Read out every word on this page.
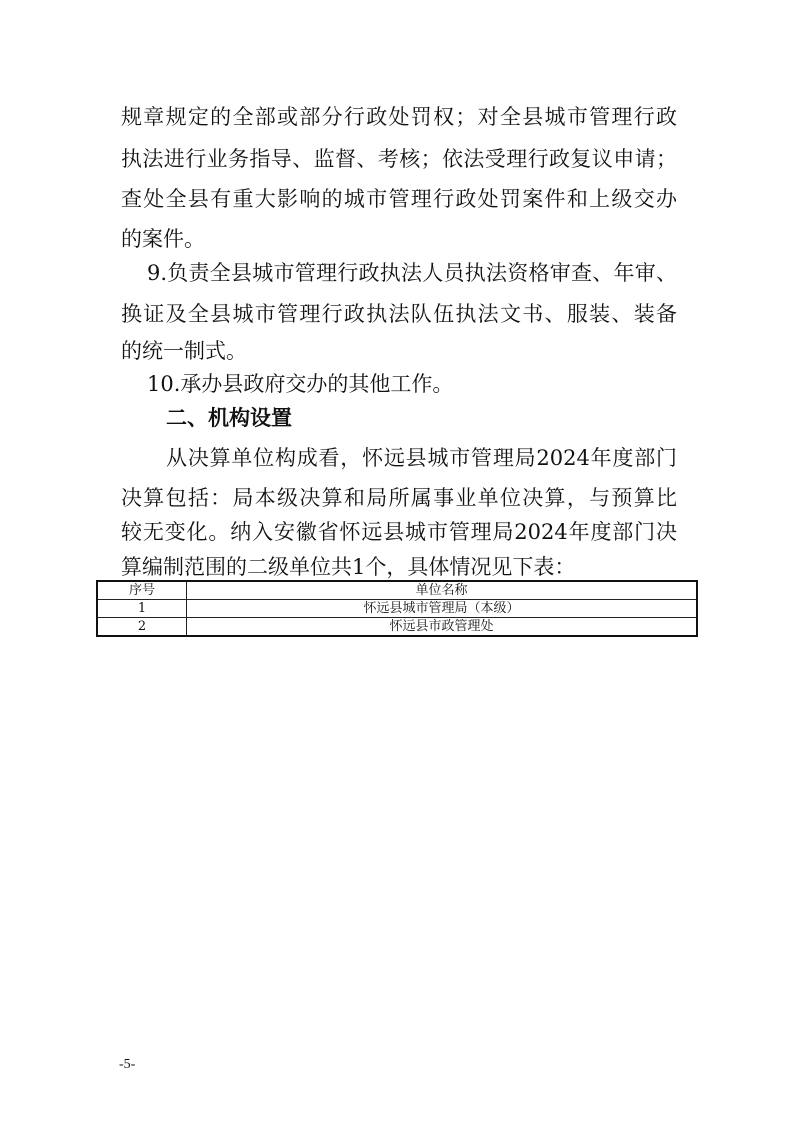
规章规定的全部或部分行政处罚权；对全县城市管理行政
执法进行业务指导、监督、考核；依法受理行政复议申请；
查处全县有重大影响的城市管理行政处罚案件和上级交办
的案件。
9.负责全县城市管理行政执法人员执法资格审查、年审、
换证及全县城市管理行政执法队伍执法文书、服装、装备
的统一制式。
10.承办县政府交办的其他工作。
二、机构设置
从决算单位构成看，怀远县城市管理局2024年度部门
决算包括：局本级决算和局所属事业单位决算，与预算比
较无变化。纳入安徽省怀远县城市管理局2024年度部门决
算编制范围的二级单位共1个，具体情况见下表：
序号	单位名称
1	怀远县城市管理局（本级）
2	怀远县市政管理处
-5-
